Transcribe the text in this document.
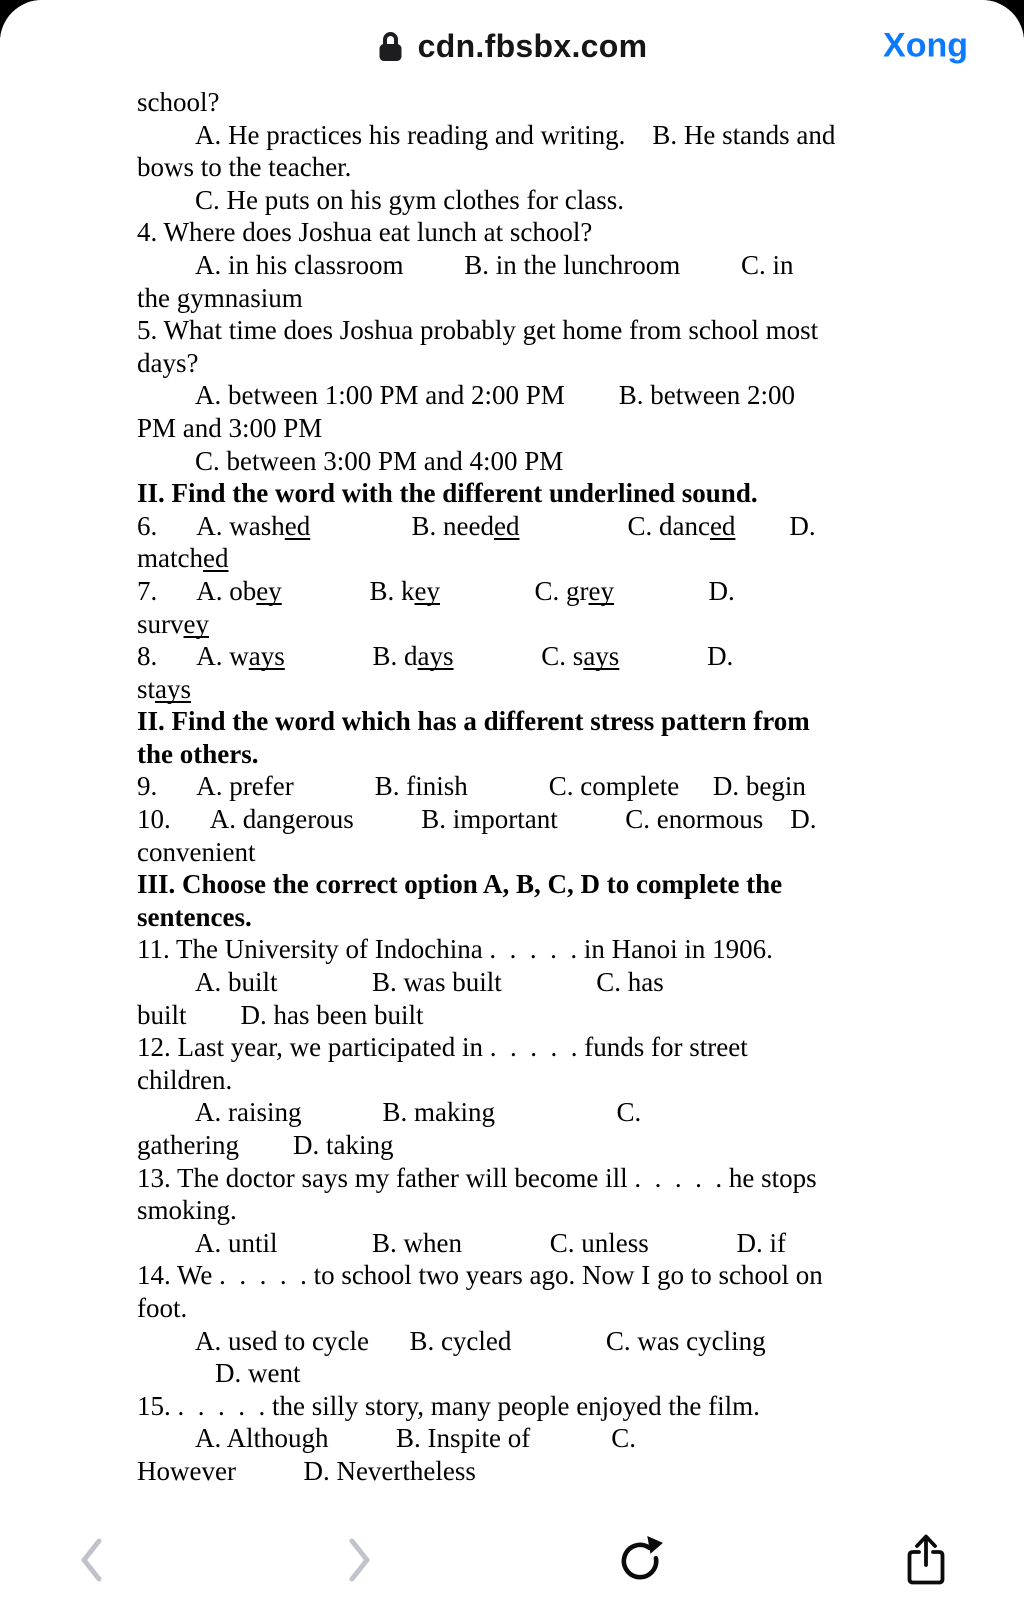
cdn.fbsbx.com	Xong
school?
A. He practices his reading and writing.    B. He stands and
bows to the teacher.
C. He puts on his gym clothes for class.
4. Where does Joshua eat lunch at school?
A. in his classroom         B. in the lunchroom         C. in
the gymnasium
5. What time does Joshua probably get home from school most
days?
A. between 1:00 PM and 2:00 PM        B. between 2:00
PM and 3:00 PM
C. between 3:00 PM and 4:00 PM
II. Find the word with the different underlined sound.
6.      A. washed               B. needed                C. danced        D.
matched
7.      A. obey             B. key              C. grey              D.
survey
8.      A. ways             B. days             C. says             D.
stays
II. Find the word which has a different stress pattern from
the others.
9.      A. prefer            B. finish            C. complete     D. begin
10.      A. dangerous          B. important          C. enormous    D.
convenient
III. Choose the correct option A, B, C, D to complete the
sentences.
11. The University of Indochina .  .  .  .  . in Hanoi in 1906.
A. built              B. was built              C. has
built        D. has been built
12. Last year, we participated in .  .  .  .  . funds for street
children.
A. raising            B. making                  C.
gathering        D. taking
13. The doctor says my father will become ill .  .  .  .  . he stops
smoking.
A. until              B. when             C. unless             D. if
14. We .  .  .  .  . to school two years ago. Now I go to school on
foot.
A. used to cycle      B. cycled              C. was cycling
D. went
15. .  .  .  .  . the silly story, many people enjoyed the film.
A. Although          B. Inspite of            C.
However          D. Nevertheless
